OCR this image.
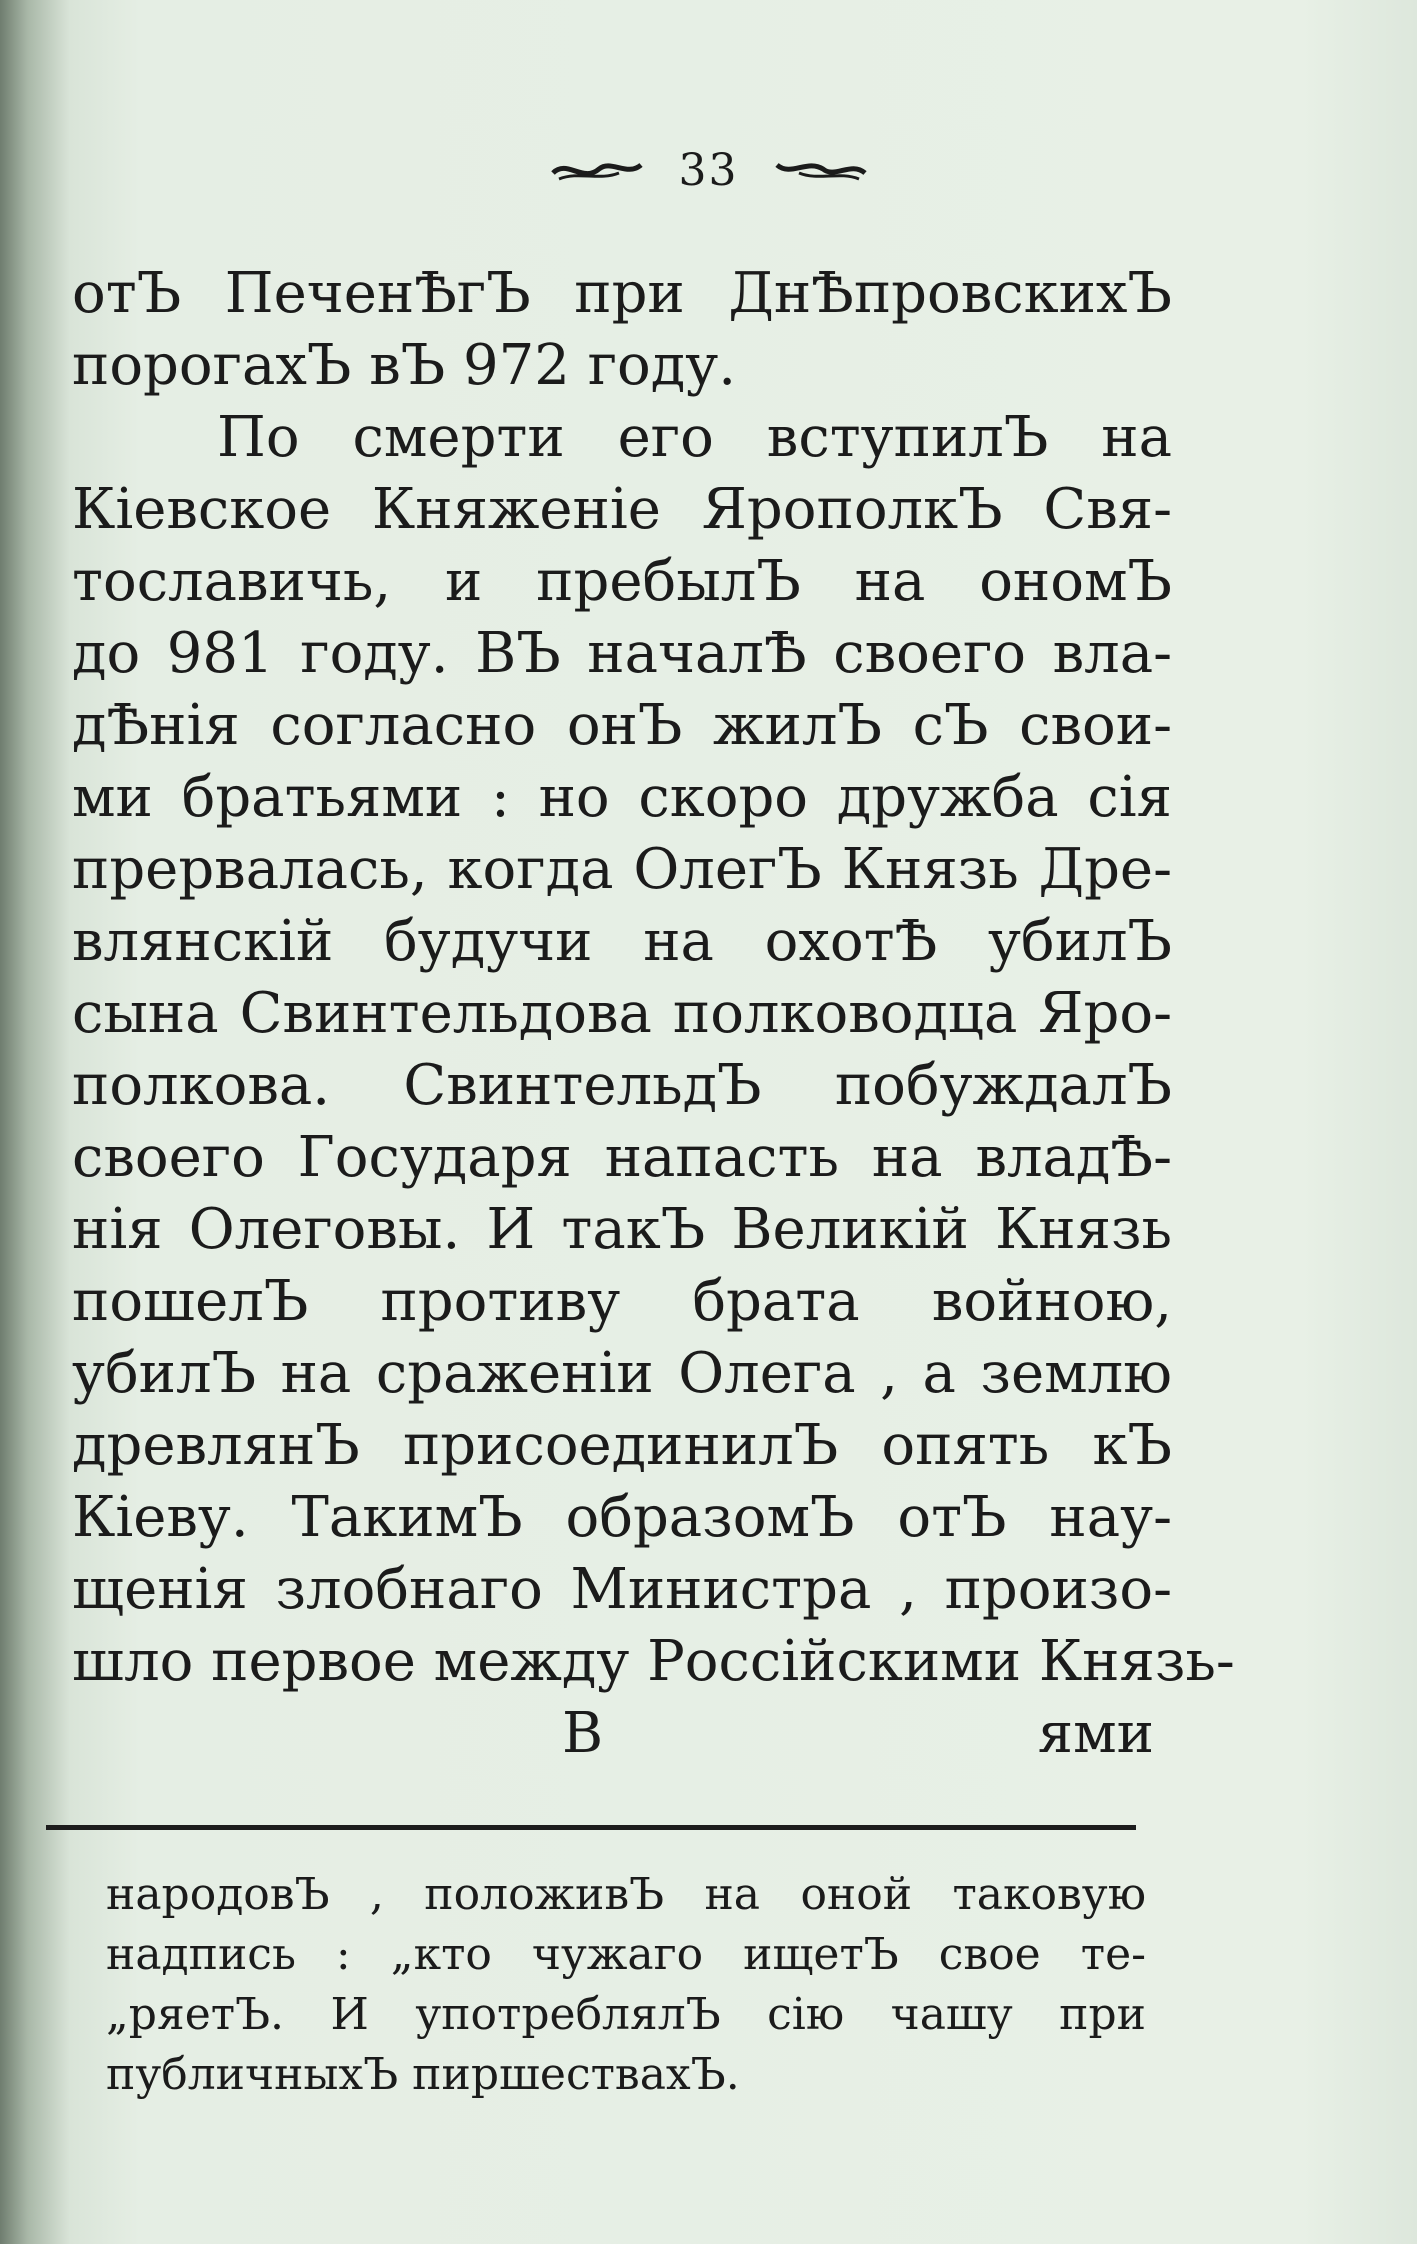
33
отЪ ПеченѢгЪ при ДнѢпровскихЪ
порогахЪ вЪ 972 году.
По смерти его вступилЪ на
Кiевское Княженiе ЯрополкЪ Свя-
тославичь, и пребылЪ на ономЪ
до 981 году. ВЪ началѢ своего вла-
дѢнiя согласно онЪ жилЪ сЪ свои-
ми братьями : но скоро дружба сiя
прервалась, когда ОлегЪ Князь Дре-
влянскiй будучи на охотѢ убилЪ
сына Свинтельдова полководца Яро-
полкова. СвинтельдЪ побуждалЪ
своего Государя напасть на владѢ-
нiя Олеговы. И такЪ Великiй Князь
пошелЪ противу брата войною,
убилЪ на сраженiи Олега , а землю
древлянЪ присоединилЪ опять кЪ
Кiеву. ТакимЪ образомЪ отЪ нау-
щенiя злобнаго Министра , произо-
шло первое между Россiйскими Князь-
В	ями
народовЪ , положивЪ на оной таковую
надпись : „кто чужаго ищетЪ свое те-
„ряетЪ. И употреблялЪ сiю чашу при
публичныхЪ пиршествахЪ.
